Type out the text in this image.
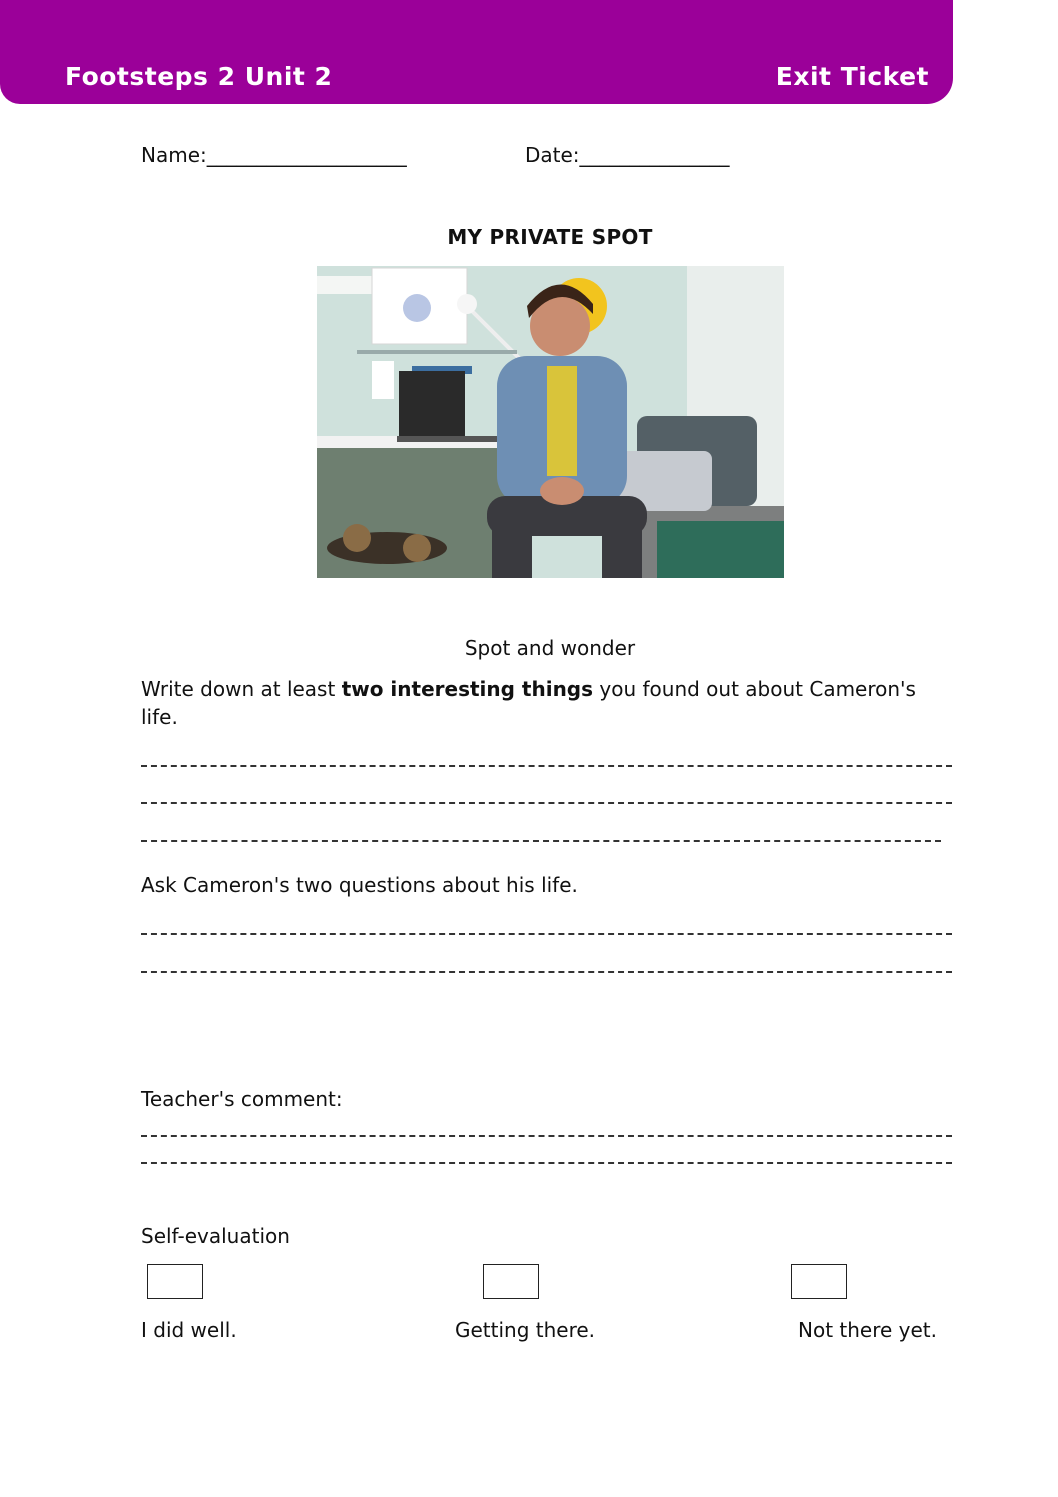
Footsteps 2 Unit 2	Exit Ticket
Name:____________________	Date:_______________
MY PRIVATE SPOT
Spot and wonder
Write down at least two interesting things you found out about Cameron's
life.
Ask Cameron's two questions about his life.
Teacher's comment:
Self-evaluation
I did well.	Getting there.	Not there yet.
